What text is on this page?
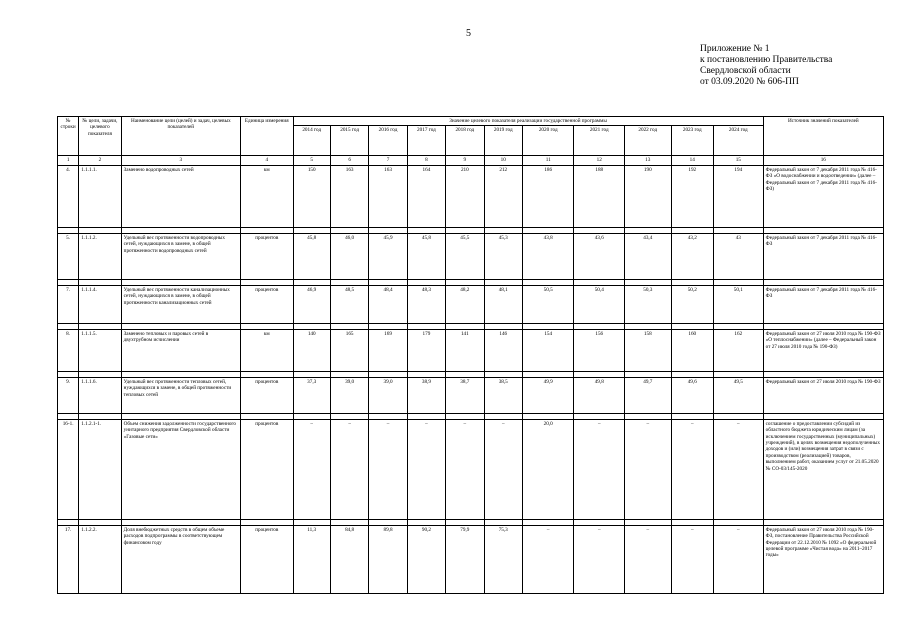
5
Приложение № 1
к постановлению Правительства
Свердловской области
от 03.09.2020 № 606-ПП
№ строки	№ цели, задачи, целевого показателя	Наименование цели (целей) и задач, целевых показателей	Единица измерения	Значение целевого показателя реализации государственной программы											Источник значений показателей
				2014 год	2015 год	2016 год	2017 год	2018 год	2019 год	2020 год	2021 год	2022 год	2023 год	2024 год	
1	2	3	4	5	6	7	8	9	10	11	12	13	14	15	16
4.	1.1.1.1.	Заменено водопроводных сетей	км	150	163	163	164	210	212	186	188	190	192	194	Федеральный закон от 7 декабря 2011 года № 416-ФЗ «О водоснабжении и водоотведении» (далее – Федеральный закон от 7 декабря 2011 года № 416-ФЗ)

5.	1.1.1.2.	Удельный вес протяженности водопроводных сетей, нуждающихся в замене, в общей протяженности водопроводных сетей	процентов	45,8	46,0	45,9	45,8	45,5	45,3	43,8	43,6	43,4	43,2	43	Федеральный закон от 7 декабря 2011 года № 416-ФЗ

7.	1.1.1.4.	Удельный вес протяженности канализационных сетей, нуждающихся в замене, в общей протяженности канализационных сетей	процентов	46,9	48,5	48,4	48,3	48,2	48,1	50,5	50,4	50,3	50,2	50,1	Федеральный закон от 7 декабря 2011 года № 416-ФЗ

8.	1.1.1.5.	Заменено тепловых и паровых сетей в двухтрубном исчислении	км	140	165	169	179	141	146	154	156	158	160	162	Федеральный закон от 27 июля 2010 года № 190-ФЗ «О теплоснабжении» (далее – Федеральный закон от 27 июля 2010 года № 190-ФЗ)

9.	1.1.1.6.	Удельный вес протяженности тепловых сетей, нуждающихся в замене, в общей протяженности тепловых сетей	процентов	37,3	39,0	39,0	38,9	38,7	38,5	49,9	49,8	49,7	49,6	49,5	Федеральный закон от 27 июля 2010 года № 190-ФЗ

16-1.	1.1.2.1-1.	Объем снижения задолженности государственного унитарного предприятия Свердловской области «Газовые сети»	процентов	–	–	–	–	–	–	20,0	–	–	–	–	соглашение о предоставлении субсидий из областного бюджета юридическим лицам (за исключением государственных (муниципальных) учреждений), в целях возмещения недополученных доходов и (или) возмещения затрат в связи с производством (реализацией) товаров, выполнением работ, оказанием услуг от 21.05.2020 № СО-03/145-2020

17.	1.1.2.2.	Доля внебюджетных средств в общем объеме расходов подпрограммы в соответствующем финансовом году	процентов	11,3	84,8	89,8	90,2	79,9	75,3	–	–	–	–	–	Федеральный закон от 27 июля 2010 года № 190-ФЗ, постановление Правительства Российской Федерации от 22.12.2010 № 1092 «О федеральной целевой программе «Чистая вода» на 2011–2017 годы»
